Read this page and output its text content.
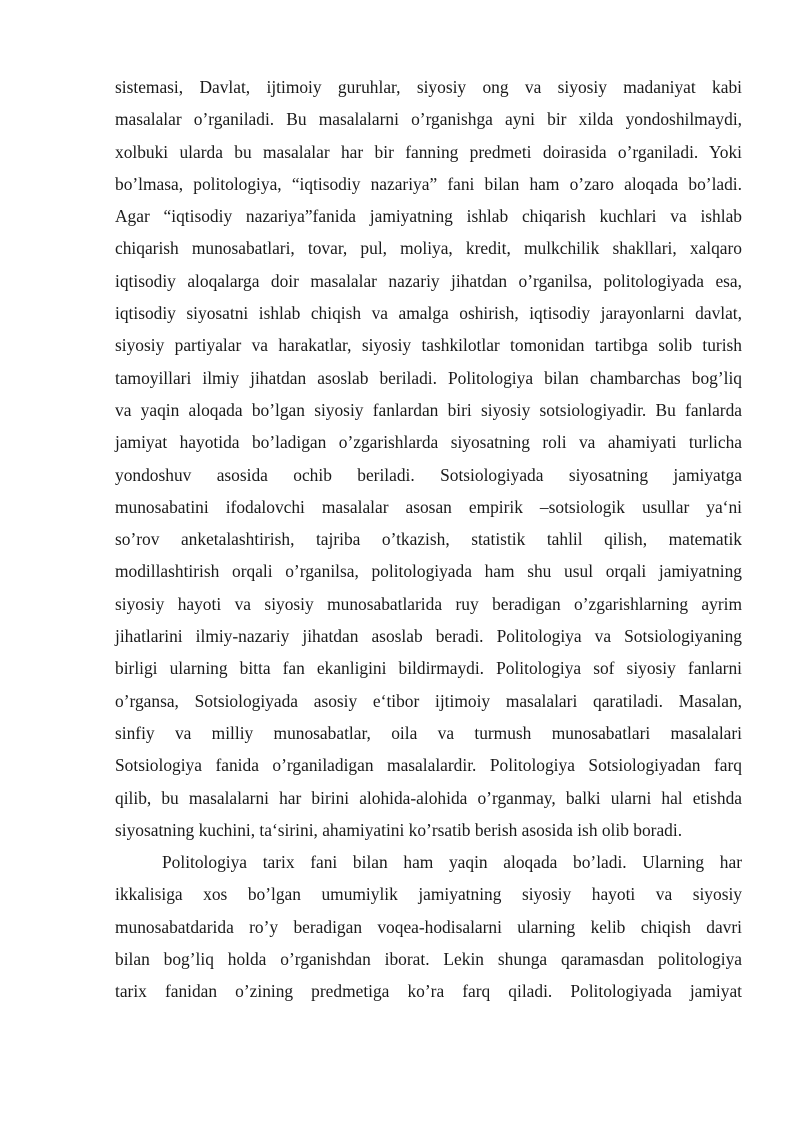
sistemasi, Davlat, ijtimoiy guruhlar, siyosiy ong va siyosiy madaniyat kabi
masalalar o’rganiladi. Bu masalalarni o’rganishga ayni bir xilda yondoshilmaydi,
xolbuki ularda bu masalalar har bir fanning predmeti doirasida o’rganiladi. Yoki
bo’lmasa, politologiya, “iqtisodiy nazariya” fani bilan ham o’zaro aloqada bo’ladi.
Agar “iqtisodiy nazariya”fanida jamiyatning ishlab chiqarish kuchlari va ishlab
chiqarish munosabatlari, tovar, pul, moliya, kredit, mulkchilik shakllari, xalqaro
iqtisodiy aloqalarga doir masalalar nazariy jihatdan o’rganilsa, politologiyada esa,
iqtisodiy siyosatni ishlab chiqish va amalga oshirish, iqtisodiy jarayonlarni davlat,
siyosiy partiyalar va harakatlar, siyosiy tashkilotlar tomonidan tartibga solib turish
tamoyillari ilmiy jihatdan asoslab beriladi. Politologiya bilan chambarchas bog’liq
va yaqin aloqada bo’lgan siyosiy fanlardan biri siyosiy sotsiologiyadir. Bu fanlarda
jamiyat hayotida bo’ladigan o’zgarishlarda siyosatning roli va ahamiyati turlicha
yondoshuv asosida ochib beriladi. Sotsiologiyada siyosatning jamiyatga
munosabatini ifodalovchi masalalar asosan empirik –sotsiologik usullar ya‘ni
so’rov anketalashtirish, tajriba o’tkazish, statistik tahlil qilish, matematik
modillashtirish orqali o’rganilsa, politologiyada ham shu usul orqali jamiyatning
siyosiy hayoti va siyosiy munosabatlarida ruy beradigan o’zgarishlarning ayrim
jihatlarini ilmiy-nazariy jihatdan asoslab beradi. Politologiya va Sotsiologiyaning
birligi ularning bitta fan ekanligini bildirmaydi. Politologiya sof siyosiy fanlarni
o’rgansa, Sotsiologiyada asosiy e‘tibor ijtimoiy masalalari qaratiladi. Masalan,
sinfiy va milliy munosabatlar, oila va turmush munosabatlari masalalari
Sotsiologiya fanida o’rganiladigan masalalardir. Politologiya Sotsiologiyadan farq
qilib, bu masalalarni har birini alohida-alohida o’rganmay, balki ularni hal etishda
siyosatning kuchini, ta‘sirini, ahamiyatini ko’rsatib berish asosida ish olib boradi.
Politologiya tarix fani bilan ham yaqin aloqada bo’ladi. Ularning har
ikkalisiga xos bo’lgan umumiylik jamiyatning siyosiy hayoti va siyosiy
munosabatdarida ro’y beradigan voqea-hodisalarni ularning kelib chiqish davri
bilan bog’liq holda o’rganishdan iborat. Lekin shunga qaramasdan politologiya
tarix fanidan o’zining predmetiga ko’ra farq qiladi. Politologiyada jamiyat
